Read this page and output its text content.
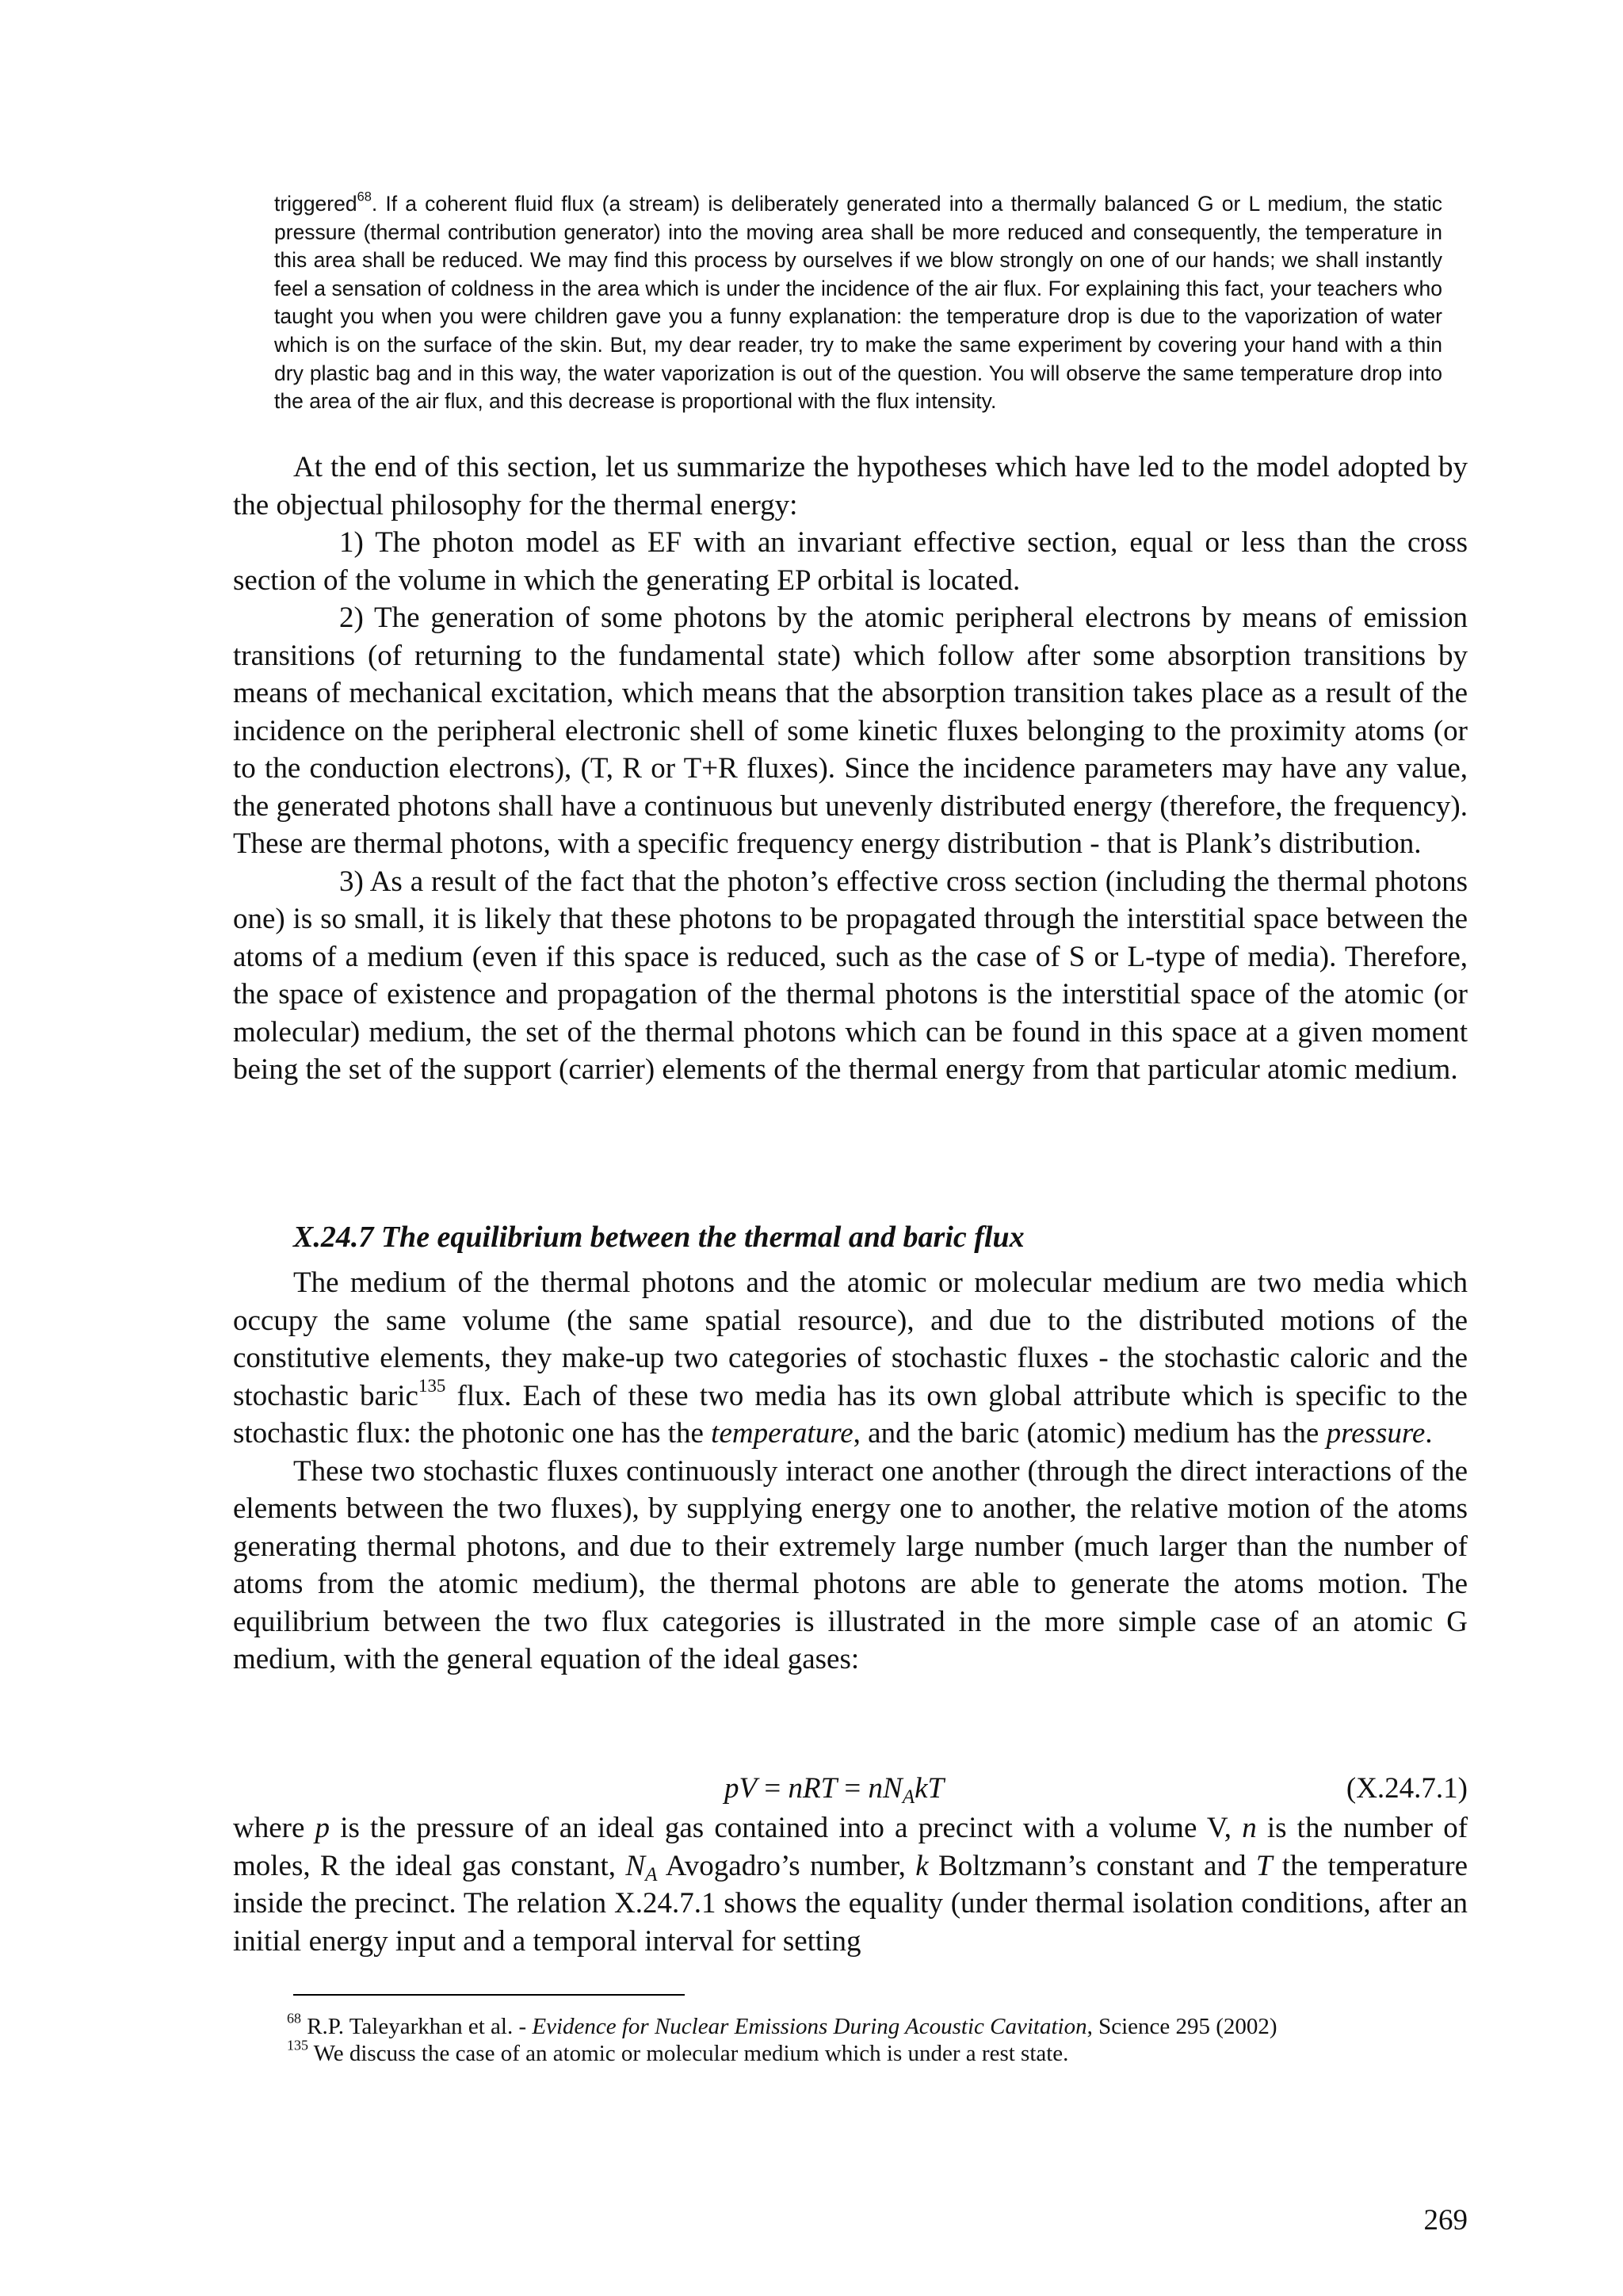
triggered$^{68}$. If a coherent fluid flux (a stream) is deliberately generated into a thermally balanced G or L medium, the static pressure (thermal contribution generator) into the moving area shall be more reduced and consequently, the temperature in this area shall be reduced. We may find this process by ourselves if we blow strongly on one of our hands; we shall instantly feel a sensation of coldness in the area which is under the incidence of the air flux. For explaining this fact, your teachers who taught you when you were children gave you a funny explanation: the temperature drop is due to the vaporization of water which is on the surface of the skin. But, my dear reader, try to make the same experiment by covering your hand with a thin dry plastic bag and in this way, the water vaporization is out of the question. You will observe the same temperature drop into the area of the air flux, and this decrease is proportional with the flux intensity.

At the end of this section, let us summarize the hypotheses which have led to the model adopted by the objectual philosophy for the thermal energy:

1) The photon model as EF with an invariant effective section, equal or less than the cross section of the volume in which the generating EP orbital is located.

2) The generation of some photons by the atomic peripheral electrons by means of emission transitions (of returning to the fundamental state) which follow after some absorption transitions by means of mechanical excitation, which means that the absorption transition takes place as a result of the incidence on the peripheral electronic shell of some kinetic fluxes belonging to the proximity atoms (or to the conduction electrons), (T, R or T+R fluxes). Since the incidence parameters may have any value, the generated photons shall have a continuous but unevenly distributed energy (therefore, the frequency). These are thermal photons, with a specific frequency energy distribution - that is Plank’s distribution.

3) As a result of the fact that the photon’s effective cross section (including the thermal photons one) is so small, it is likely that these photons to be propagated through the interstitial space between the atoms of a medium (even if this space is reduced, such as the case of S or L-type of media). Therefore, the space of existence and propagation of the thermal photons is the interstitial space of the atomic (or molecular) medium, the set of the thermal photons which can be found in this space at a given moment being the set of the support (carrier) elements of the thermal energy from that particular atomic medium.

X.24.7 The equilibrium between the thermal and baric flux

The medium of the thermal photons and the atomic or molecular medium are two media which occupy the same volume (the same spatial resource), and due to the distributed motions of the constitutive elements, they make-up two categories of stochastic fluxes - the stochastic caloric and the stochastic baric$^{135}$ flux. Each of these two media has its own global attribute which is specific to the stochastic flux: the photonic one has the temperature, and the baric (atomic) medium has the pressure.

These two stochastic fluxes continuously interact one another (through the direct interactions of the elements between the two fluxes), by supplying energy one to another, the relative motion of the atoms generating thermal photons, and due to their extremely large number (much larger than the number of atoms from the atomic medium), the thermal photons are able to generate the atoms motion. The equilibrium between the two flux categories is illustrated in the more simple case of an atomic G medium, with the general equation of the ideal gases:

pV = nRT = $nN_AkT$	(X.24.7.1)

where p is the pressure of an ideal gas contained into a precinct with a volume V, n is the number of moles, R the ideal gas constant, $N_A$ Avogadro’s number, k Boltzmann’s constant and T the temperature inside the precinct. The relation X.24.7.1 shows the equality (under thermal isolation conditions, after an initial energy input and a temporal interval for setting

$^{68}$ R.P. Taleyarkhan et al. - Evidence for Nuclear Emissions During Acoustic Cavitation, Science 295 (2002)

$^{135}$ We discuss the case of an atomic or molecular medium which is under a rest state.

269
